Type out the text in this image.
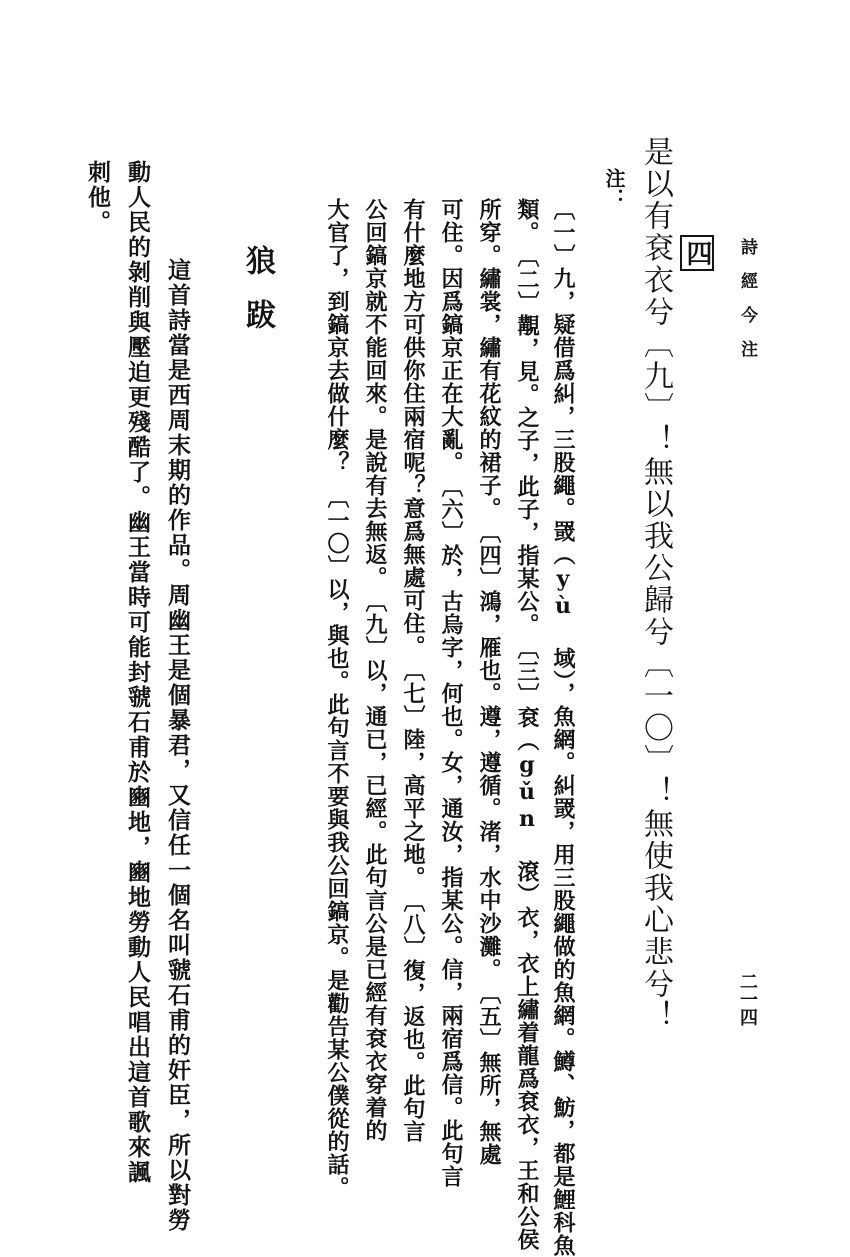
詩　經　今　注
二一四
四
是以有袞衣兮〔九〕！無以我公歸兮〔一〇〕！無使我心悲兮！
注：
〔一〕九，疑借爲糾，三股繩。罭（yù 域），魚網。糾罭，用三股繩做的魚網。鱒、魴，都是鯉科魚
類。　〔二〕覯，見。之子，此子，指某公。　〔三〕袞（gǔn 滾）衣，衣上繡着龍爲袞衣，王和公侯
所穿。繡裳，繡有花紋的裙子。　〔四〕鴻，雁也。遵，遵循。渚，水中沙灘。　〔五〕無所，無處
可住。因爲鎬京正在大亂。　〔六〕於，古烏字，何也。女，通汝，指某公。信，兩宿爲信。此句言
有什麼地方可供你住兩宿呢？意爲無處可住。　〔七〕陸，高平之地。　〔八〕復，返也。此句言
公回鎬京就不能回來。是說有去無返。　〔九〕以，通已，已經。此句言公是已經有袞衣穿着的
大官了，到鎬京去做什麼？　〔一〇〕以，與也。此句言不要與我公回鎬京。是勸告某公僕從的話。
狼跋
　　這首詩當是西周末期的作品。周幽王是個暴君，又信任一個名叫虢石甫的奸臣，所以對勞
動人民的剝削與壓迫更殘酷了。幽王當時可能封虢石甫於豳地，豳地勞動人民唱出這首歌來諷
刺他。
